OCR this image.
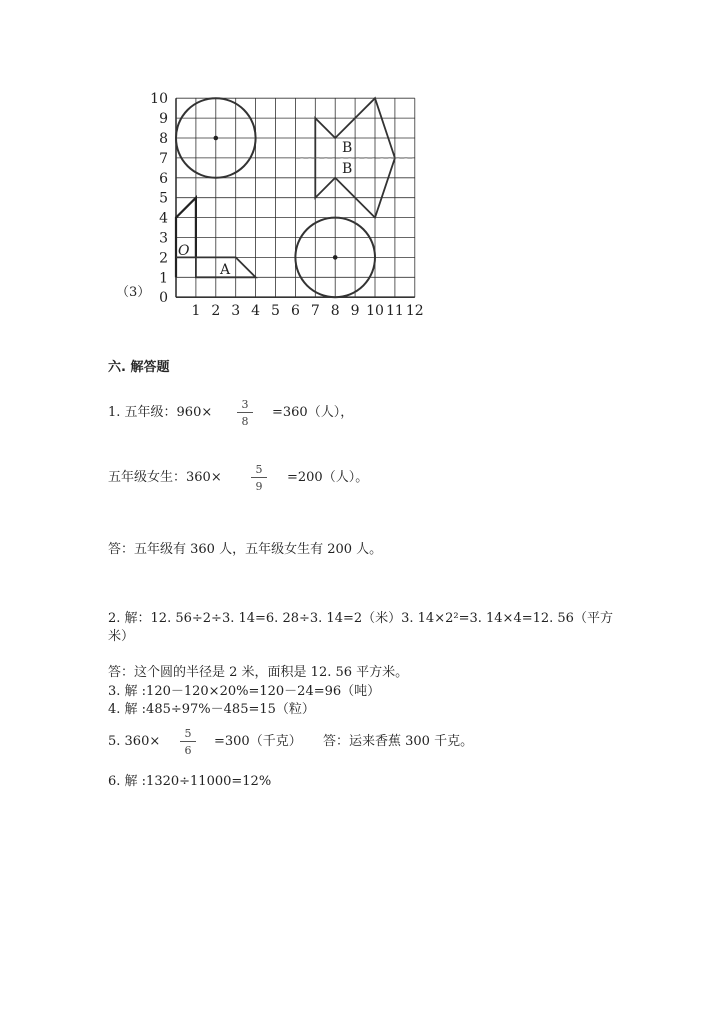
（3） 0
1
2
3
4
5
6
7
8
9
10
1 2 3 4 5 6 7 8 9 10 11 12
O
A
B
B
六. 解答题
1. 五年级：960×
3
8
=360（人），
五年级女生：360×
5
9
=200（人）。
答：五年级有 360 人，五年级女生有 200 人。
2. 解：12. 56÷2÷3. 14=6. 28÷3. 14=2（米）3. 14×2²=3. 14×4=12. 56（平方
米）
答：这个圆的半径是 2 米，面积是 12. 56 平方米。
3. 解 :120－120×20%=120－24=96（吨）
4. 解 :485÷97%－485=15（粒）
5. 360×
5
6
=300（千克） 答：运来香蕉 300 千克。
6. 解 :1320÷11000=12%
